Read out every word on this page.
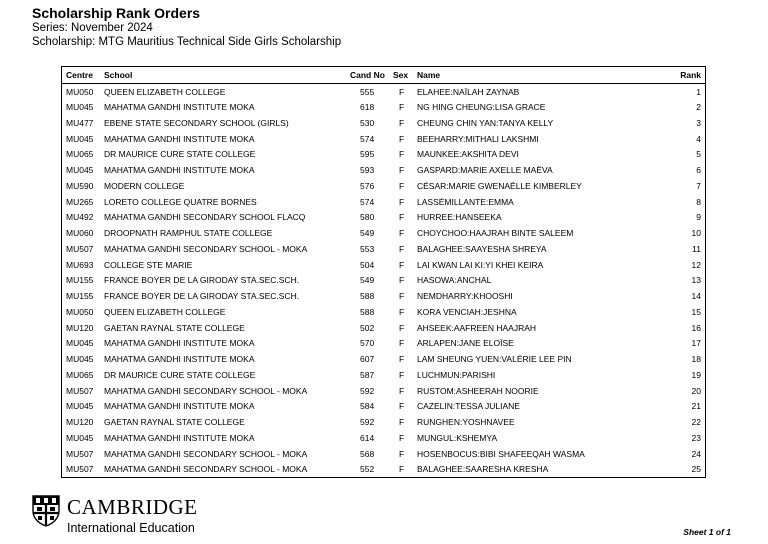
Scholarship Rank Orders
Series: November 2024
Scholarship: MTG Mauritius Technical Side Girls Scholarship
Centre School	Cand No Sex Name	Rank
MU050 QUEEN ELIZABETH COLLEGE	555	F ELAHEE:NAÏLAH ZAYNAB	1
MU045 MAHATMA GANDHI INSTITUTE MOKA	618	F NG HING CHEUNG:LISA GRACE	2
MU477 EBENE STATE SECONDARY SCHOOL (GIRLS)	530	F CHEUNG CHIN YAN:TANYA KELLY	3
MU045 MAHATMA GANDHI INSTITUTE MOKA	574	F BEEHARRY:MITHALI LAKSHMI	4
MU065 DR MAURICE CURE STATE COLLEGE	595	F MAUNKEE:AKSHITA DEVI	5
MU045 MAHATMA GANDHI INSTITUTE MOKA	593	F GASPARD:MARIE AXELLE MAËVA	6
MU590 MODERN COLLEGE	576	F CÉSAR:MARIE GWENAËLLE KIMBERLEY	7
MU265 LORETO COLLEGE QUATRE BORNES	574	F LASSÉMILLANTE:EMMA	8
MU492 MAHATMA GANDHI SECONDARY SCHOOL FLACQ	580	F HURREE:HANSEEKA	9
MU060 DROOPNATH RAMPHUL STATE COLLEGE	549	F CHOYCHOO:HAAJRAH BINTE SALEEM	10
MU507 MAHATMA GANDHI SECONDARY SCHOOL - MOKA	553	F BALAGHEE:SAAYESHA SHREYA	11
MU693 COLLEGE STE MARIE	504	F LAI KWAN LAI KI:YI KHEI KEIRA	12
MU155 FRANCE BOYER DE LA GIRODAY STA.SEC.SCH.	549	F HASOWA:ANCHAL	13
MU155 FRANCE BOYER DE LA GIRODAY STA.SEC.SCH.	588	F NEMDHARRY:KHOOSHI	14
MU050 QUEEN ELIZABETH COLLEGE	588	F KORA VENCIAH:JESHNA	15
MU120 GAETAN RAYNAL STATE COLLEGE	502	F AHSEEK:AAFREEN HAAJRAH	16
MU045 MAHATMA GANDHI INSTITUTE MOKA	570	F ARLAPEN:JANE ELOÏSE	17
MU045 MAHATMA GANDHI INSTITUTE MOKA	607	F LAM SHEUNG YUEN:VALÉRIE LEE PIN	18
MU065 DR MAURICE CURE STATE COLLEGE	587	F LUCHMUN:PARISHI	19
MU507 MAHATMA GANDHI SECONDARY SCHOOL - MOKA	592	F RUSTOM:ASHEERAH NOORIE	20
MU045 MAHATMA GANDHI INSTITUTE MOKA	584	F CAZELIN:TESSA JULIANE	21
MU120 GAETAN RAYNAL STATE COLLEGE	592	F RUNGHEN:YOSHNAVEE	22
MU045 MAHATMA GANDHI INSTITUTE MOKA	614	F MUNGUL:KSHEMYA	23
MU507 MAHATMA GANDHI SECONDARY SCHOOL - MOKA	568	F HOSENBOCUS:BIBI SHAFEEQAH WASMA	24
MU507 MAHATMA GANDHI SECONDARY SCHOOL - MOKA	552	F BALAGHEE:SAARESHA KRESHA	25
CAMBRIDGE
International Education	Sheet 1 of 1
